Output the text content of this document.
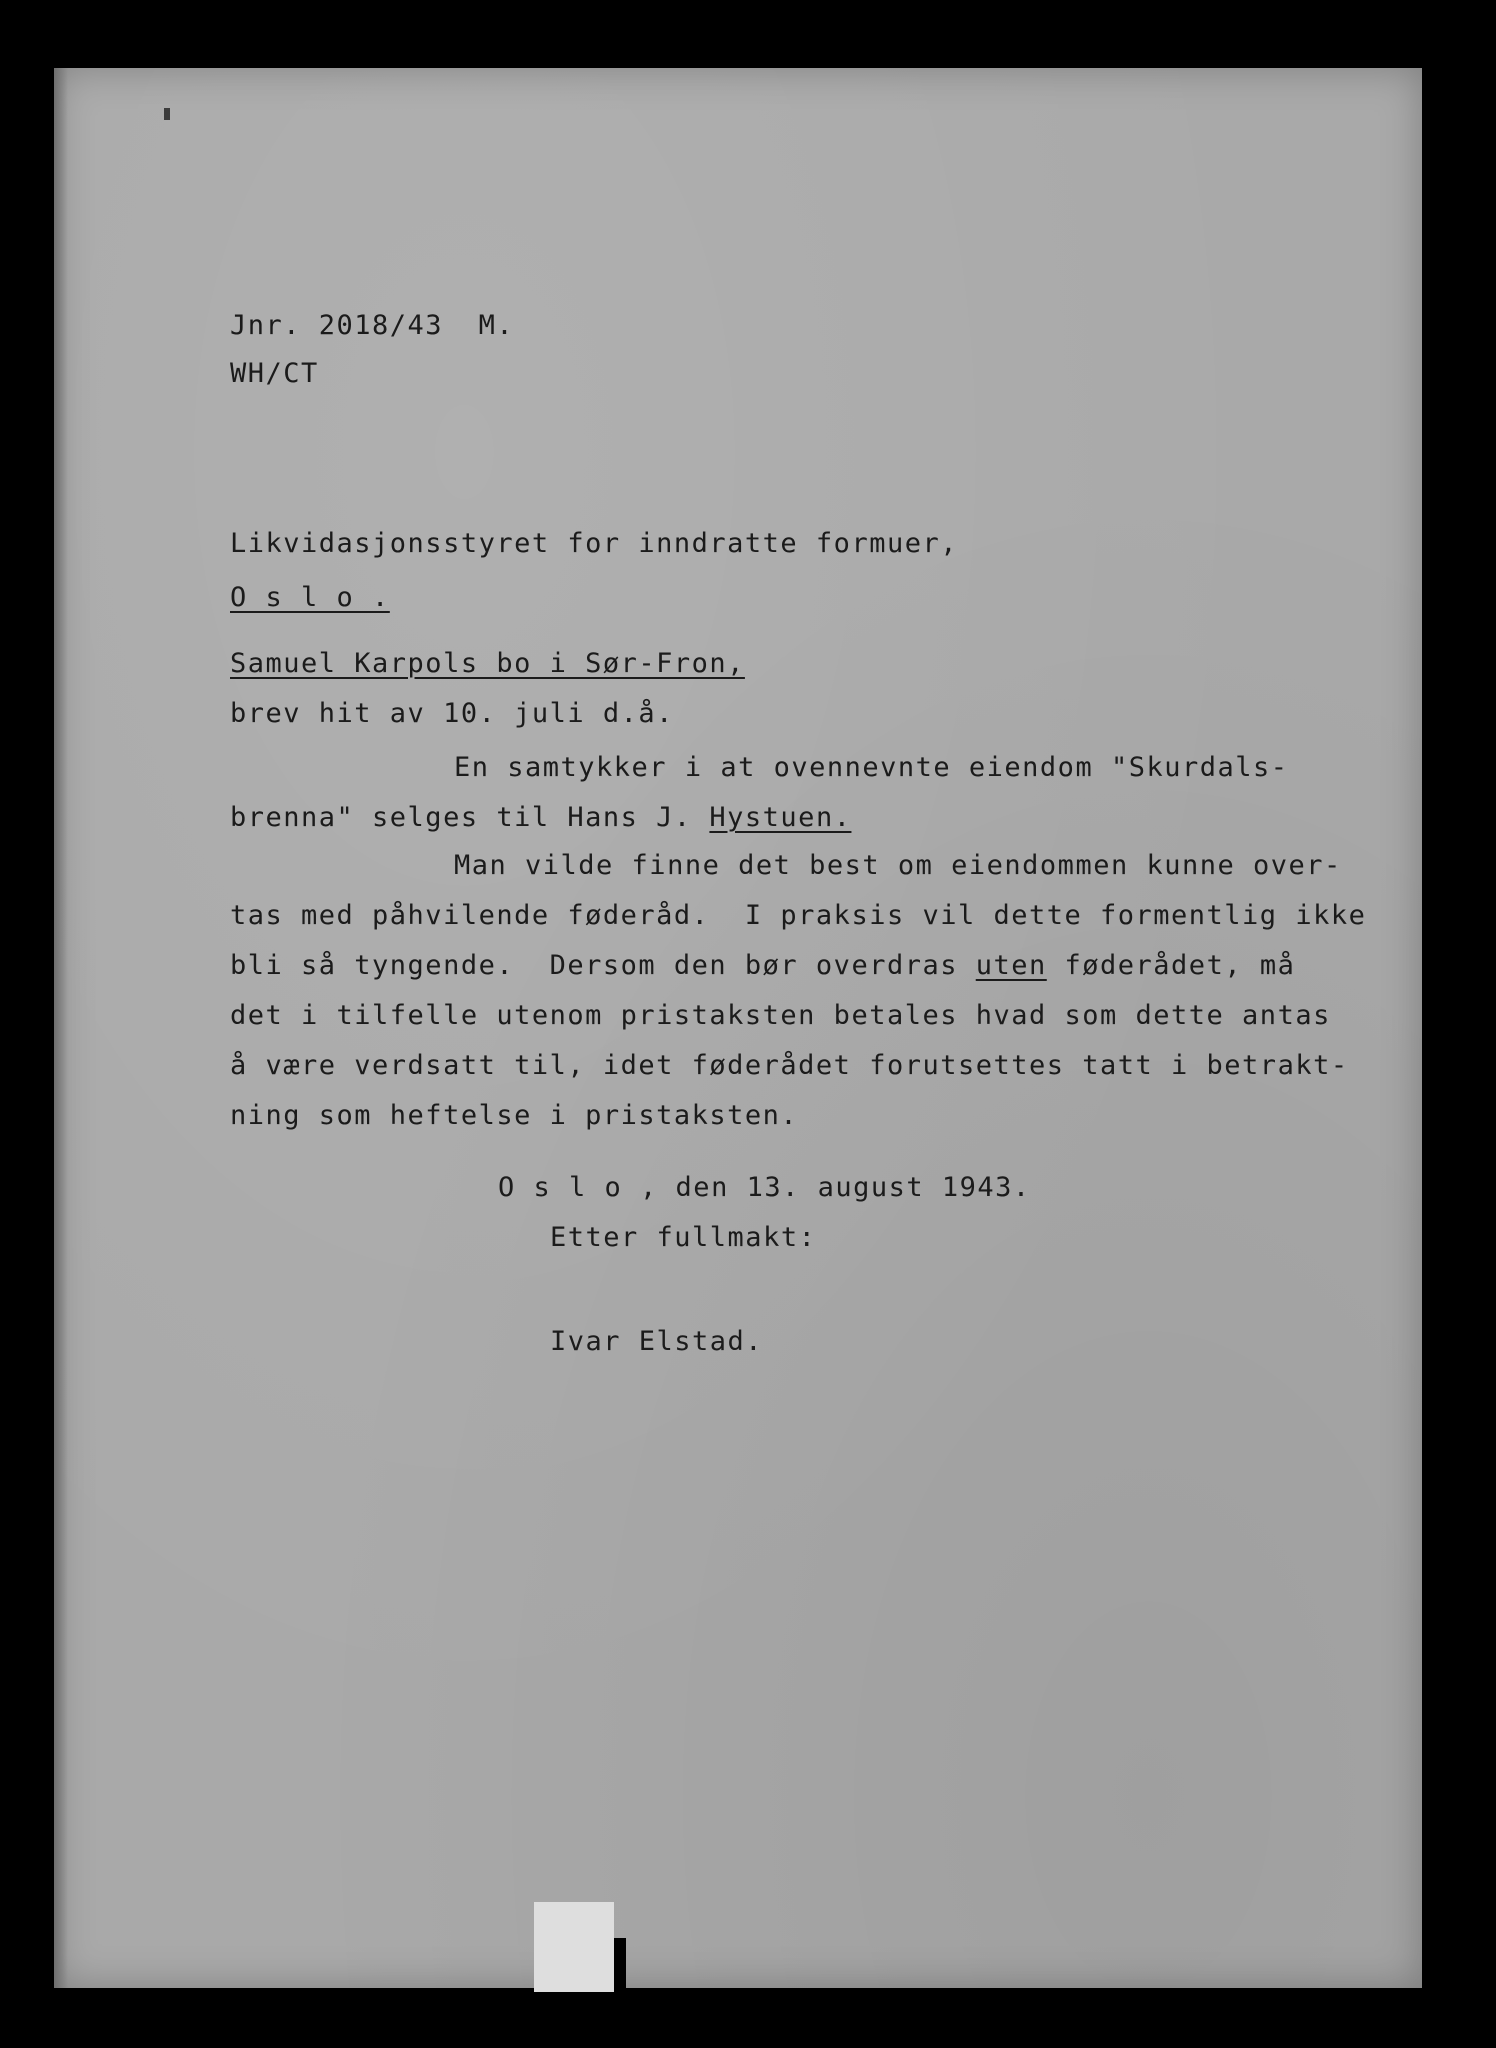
Jnr. 2018/43  M.

WH/CT

Likvidasjonsstyret for inndratte formuer,

O s l o .

Samuel Karpols bo i Sør-Fron,

brev hit av 10. juli d.å.

En samtykker i at ovennevnte eiendom "Skurdals-

brenna" selges til Hans J. Hystuen.

Man vilde finne det best om eiendommen kunne over-

tas med påhvilende føderåd.  I praksis vil dette formentlig ikke

bli så tyngende.  Dersom den bør overdras uten føderådet, må

det i tilfelle utenom pristaksten betales hvad som dette antas

å være verdsatt til, idet føderådet forutsettes tatt i betrakt-

ning som heftelse i pristaksten.

O s l o , den 13. august 1943.

Etter fullmakt:

Ivar Elstad.
